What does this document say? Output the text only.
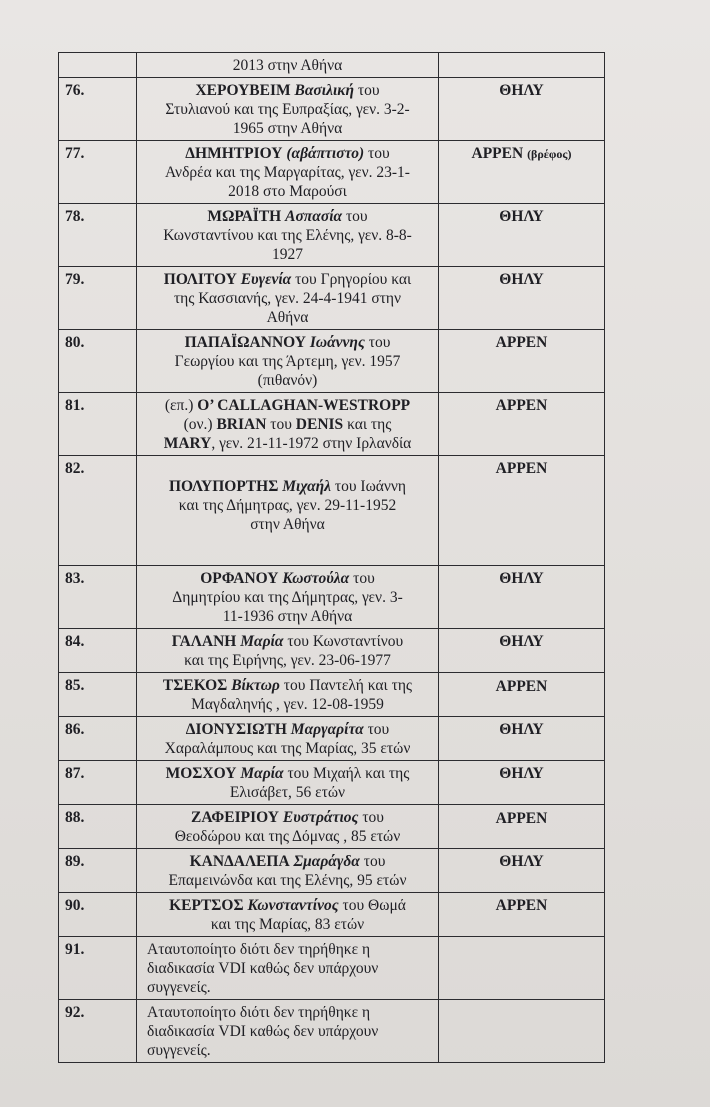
	2013 στην Αθήνα	
76.	ΧΕΡΟΥΒΕΙΜ Βασιλική του
Στυλιανού και της Ευπραξίας, γεν. 3-2-
1965 στην Αθήνα	ΘΗΛΥ
77.	ΔΗΜΗΤΡΙΟΥ (αβάπτιστο) του
Ανδρέα και της Μαργαρίτας, γεν. 23-1-
2018 στο Μαρούσι	ΑΡΡΕΝ (βρέφος)
78.	ΜΩΡΑΪΤΗ Ασπασία του
Κωνσταντίνου και της Ελένης, γεν. 8-8-
1927	ΘΗΛΥ
79.	ΠΟΛΙΤΟΥ Ευγενία του Γρηγορίου και
της Κασσιανής, γεν. 24-4-1941 στην
Αθήνα	ΘΗΛΥ
80.	ΠΑΠΑΪΩΑΝΝΟΥ Ιωάννης του
Γεωργίου και της Άρτεμη, γεν. 1957
(πιθανόν)	ΑΡΡΕΝ
81.	(επ.) O’ CALLAGHAN-WESTROPP
(ον.) BRIAN του DENIS και της
MARY, γεν. 21-11-1972 στην Ιρλανδία	ΑΡΡΕΝ
82.	ΠΟΛΥΠΟΡΤΗΣ Μιχαήλ του Ιωάννη
και της Δήμητρας, γεν. 29-11-1952
στην Αθήνα	ΑΡΡΕΝ
83.	ΟΡΦΑΝΟΥ Κωστούλα του
Δημητρίου και της Δήμητρας, γεν. 3-
11-1936 στην Αθήνα	ΘΗΛΥ
84.	ΓΑΛΑΝΗ Μαρία του Κωνσταντίνου
και της Ειρήνης, γεν. 23-06-1977	ΘΗΛΥ
85.	ΤΣΕΚΟΣ Βίκτωρ του Παντελή και της
Μαγδαληνής , γεν. 12-08-1959	ΑΡΡΕΝ
86.	ΔΙΟΝΥΣΙΩΤΗ Μαργαρίτα του
Χαραλάμπους και της Μαρίας, 35 ετών	ΘΗΛΥ
87.	ΜΟΣΧΟΥ Μαρία του Μιχαήλ και της
Ελισάβετ, 56 ετών	ΘΗΛΥ
88.	ΖΑΦΕΙΡΙΟΥ Ευστράτιος του
Θεοδώρου και της Δόμνας , 85 ετών	ΑΡΡΕΝ
89.	ΚΑΝΔΑΛΕΠΑ Σμαράγδα του
Επαμεινώνδα και της Ελένης, 95 ετών	ΘΗΛΥ
90.	ΚΕΡΤΣΟΣ Κωνσταντίνος του Θωμά
και της Μαρίας, 83 ετών	ΑΡΡΕΝ
91.	Αταυτοποίητο διότι δεν τηρήθηκε η
διαδικασία VDI καθώς δεν υπάρχουν
συγγενείς.	
92.	Αταυτοποίητο διότι δεν τηρήθηκε η
διαδικασία VDI καθώς δεν υπάρχουν
συγγενείς.	
